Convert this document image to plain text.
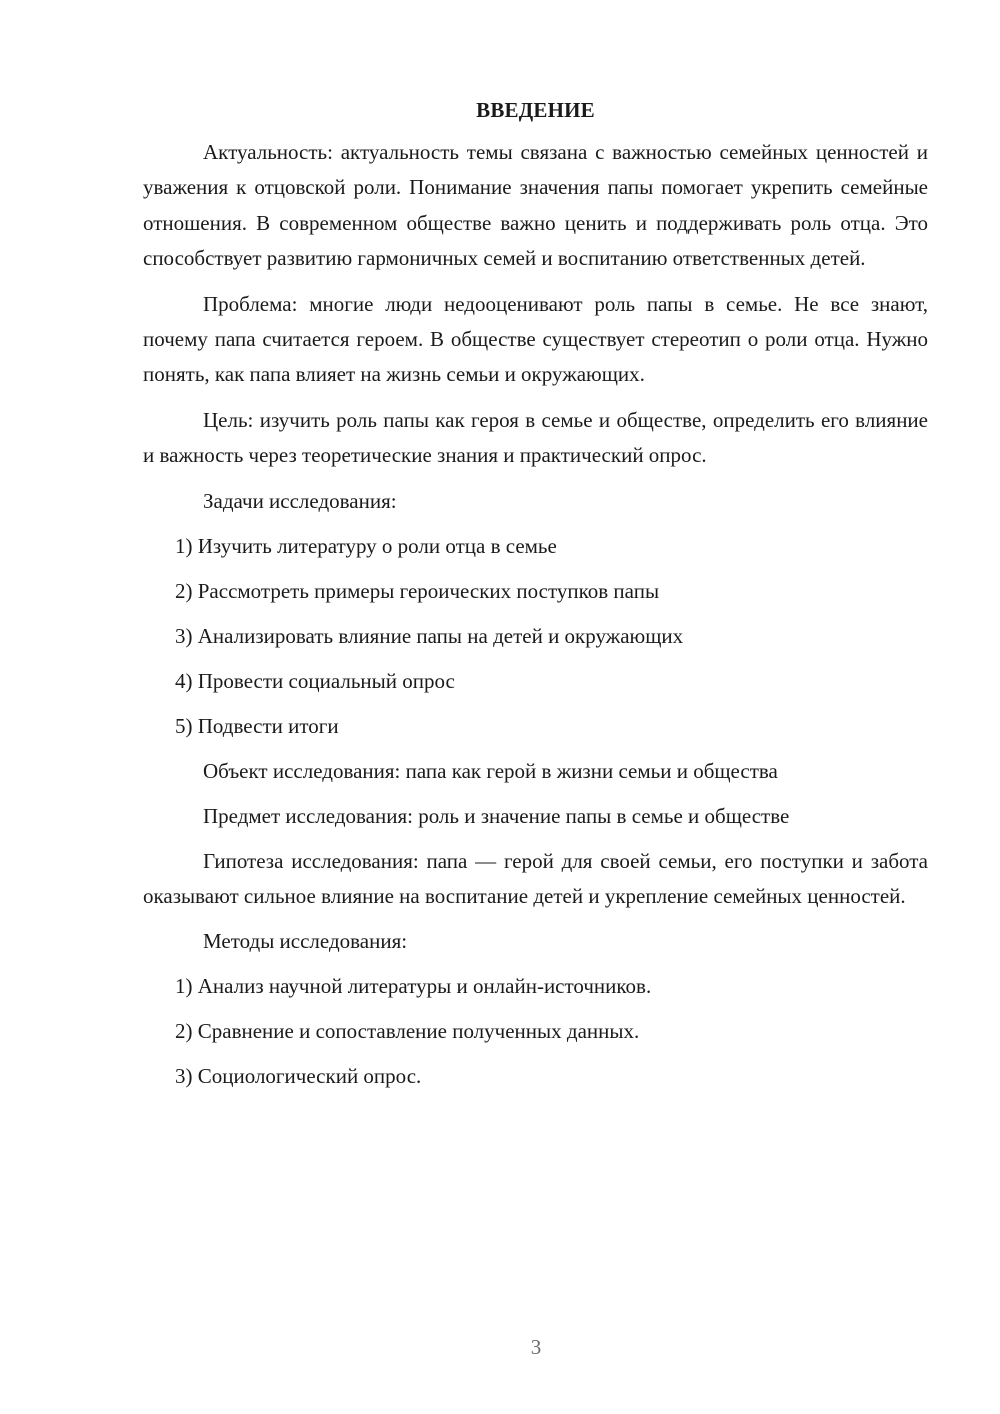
ВВЕДЕНИЕ

Актуальность: актуальность темы связана с важностью семейных ценностей и уважения к отцовской роли. Понимание значения папы помогает укрепить семейные отношения. В современном обществе важно ценить и поддерживать роль отца. Это способствует развитию гармоничных семей и воспитанию ответственных детей.

Проблема: многие люди недооценивают роль папы в семье. Не все знают, почему папа считается героем. В обществе существует стереотип о роли отца. Нужно понять, как папа влияет на жизнь семьи и окружающих.

Цель: изучить роль папы как героя в семье и обществе, определить его влияние и важность через теоретические знания и практический опрос.

Задачи исследования:
1) Изучить литературу о роли отца в семье
2) Рассмотреть примеры героических поступков папы
3) Анализировать влияние папы на детей и окружающих
4) Провести социальный опрос
5) Подвести итоги
Объект исследования: папа как герой в жизни семьи и общества
Предмет исследования: роль и значение папы в семье и обществе

Гипотеза исследования: папа — герой для своей семьи, его поступки и забота оказывают сильное влияние на воспитание детей и укрепление семейных ценностей.

Методы исследования:
1) Анализ научной литературы и онлайн-источников.
2) Сравнение и сопоставление полученных данных.
3) Социологический опрос.
3
